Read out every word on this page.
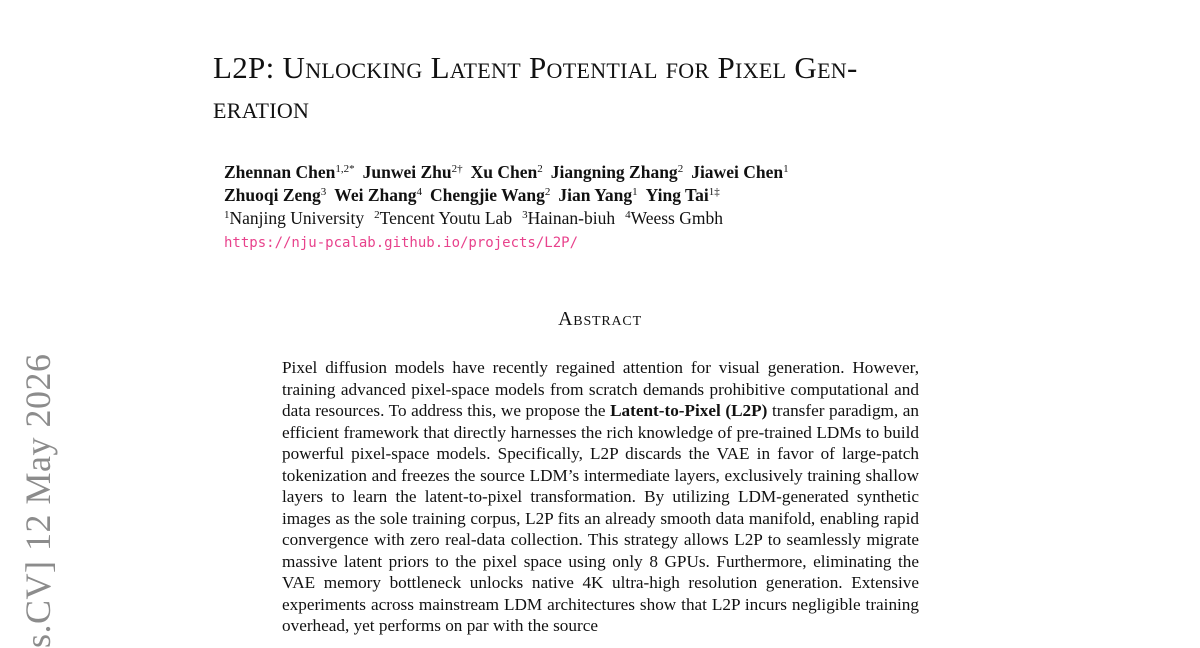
s.CV] 12 May 2026
L2P: Unlocking Latent Potential for Pixel Gen-
eration
Zhennan Chen$^{1,2*}$ Junwei Zhu$^{2\dagger}$ Xu Chen$^2$ Jiangning Zhang$^2$ Jiawei Chen$^1$
Zhuoqi Zeng$^3$ Wei Zhang$^4$ Chengjie Wang$^2$ Jian Yang$^1$ Ying Tai$^{1\ddagger}$
$^1$Nanjing University $^2$Tencent Youtu Lab $^3$Hainan-biuh $^4$Weess Gmbh
https://nju-pcalab.github.io/projects/L2P/
Abstract

Pixel diffusion models have recently regained attention for visual generation. However, training advanced pixel-space models from scratch demands prohibitive computational and data resources. To address this, we propose the Latent-to-Pixel (L2P) transfer paradigm, an efficient framework that directly harnesses the rich knowledge of pre-trained LDMs to build powerful pixel-space models. Specifically, L2P discards the VAE in favor of large-patch tokenization and freezes the source LDM’s intermediate layers, exclusively training shallow layers to learn the latent-to-pixel transformation. By utilizing LDM-generated synthetic images as the sole training corpus, L2P fits an already smooth data manifold, enabling rapid convergence with zero real-data collection. This strategy allows L2P to seamlessly migrate massive latent priors to the pixel space using only 8 GPUs. Furthermore, eliminating the VAE memory bottleneck unlocks native 4K ultra-high resolution generation. Extensive experiments across mainstream LDM architectures show that L2P incurs negligible training overhead, yet performs on par with the source
